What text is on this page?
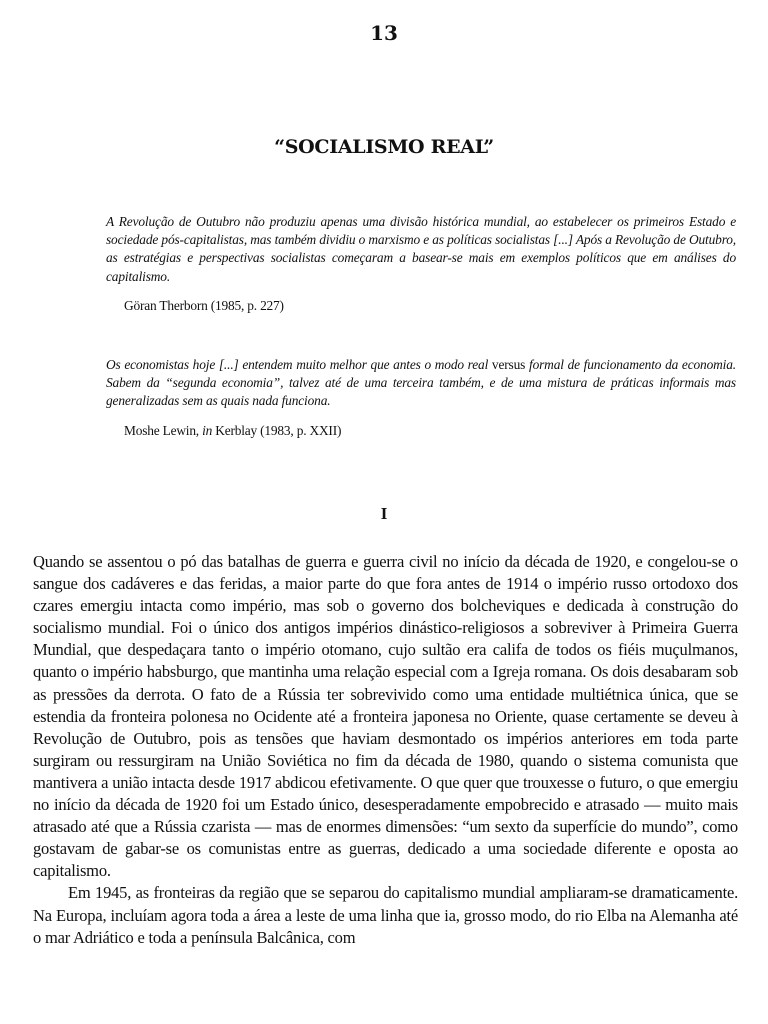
13
“SOCIALISMO REAL”

A Revolução de Outubro não produziu apenas uma divisão histórica mundial, ao estabelecer os primeiros Estado e sociedade pós-capitalistas, mas também dividiu o marxismo e as políticas socialistas [...] Após a Revolução de Outubro, as estratégias e perspectivas socialistas começaram a basear-se mais em exemplos políticos que em análises do capitalismo.

Göran Therborn (1985, p. 227)

Os economistas hoje [...] entendem muito melhor que antes o modo real versus formal de funcionamento da economia. Sabem da “segunda economia”, talvez até de uma terceira também, e de uma mistura de práticas informais mas generalizadas sem as quais nada funciona.

Moshe Lewin, in Kerblay (1983, p. XXII)

I

Quando se assentou o pó das batalhas de guerra e guerra civil no início da década de 1920, e congelou-se o sangue dos cadáveres e das feridas, a maior parte do que fora antes de 1914 o império russo ortodoxo dos czares emergiu intacta como império, mas sob o governo dos bolcheviques e dedicada à construção do socialismo mundial. Foi o único dos antigos impérios dinástico-religiosos a sobreviver à Primeira Guerra Mundial, que despedaçara tanto o império otomano, cujo sultão era califa de todos os fiéis muçulmanos, quanto o império habsburgo, que mantinha uma relação especial com a Igreja romana. Os dois desabaram sob as pressões da derrota. O fato de a Rússia ter sobrevivido como uma entidade multiétnica única, que se estendia da fronteira polonesa no Ocidente até a fronteira japonesa no Oriente, quase certamente se deveu à Revolução de Outubro, pois as tensões que haviam desmontado os impérios anteriores em toda parte surgiram ou ressurgiram na União Soviética no fim da década de 1980, quando o sistema comunista que mantivera a união intacta desde 1917 abdicou efetivamente. O que quer que trouxesse o futuro, o que emergiu no início da década de 1920 foi um Estado único, desesperadamente empobrecido e atrasado — muito mais atrasado até que a Rússia czarista — mas de enormes dimensões: “um sexto da superfície do mundo”, como gostavam de gabar-se os comunistas entre as guerras, dedicado a uma sociedade diferente e oposta ao capitalismo.

Em 1945, as fronteiras da região que se separou do capitalismo mundial ampliaram-se dramaticamente. Na Europa, incluíam agora toda a área a leste de uma linha que ia, grosso modo, do rio Elba na Alemanha até o mar Adriático e toda a península Balcânica, com
